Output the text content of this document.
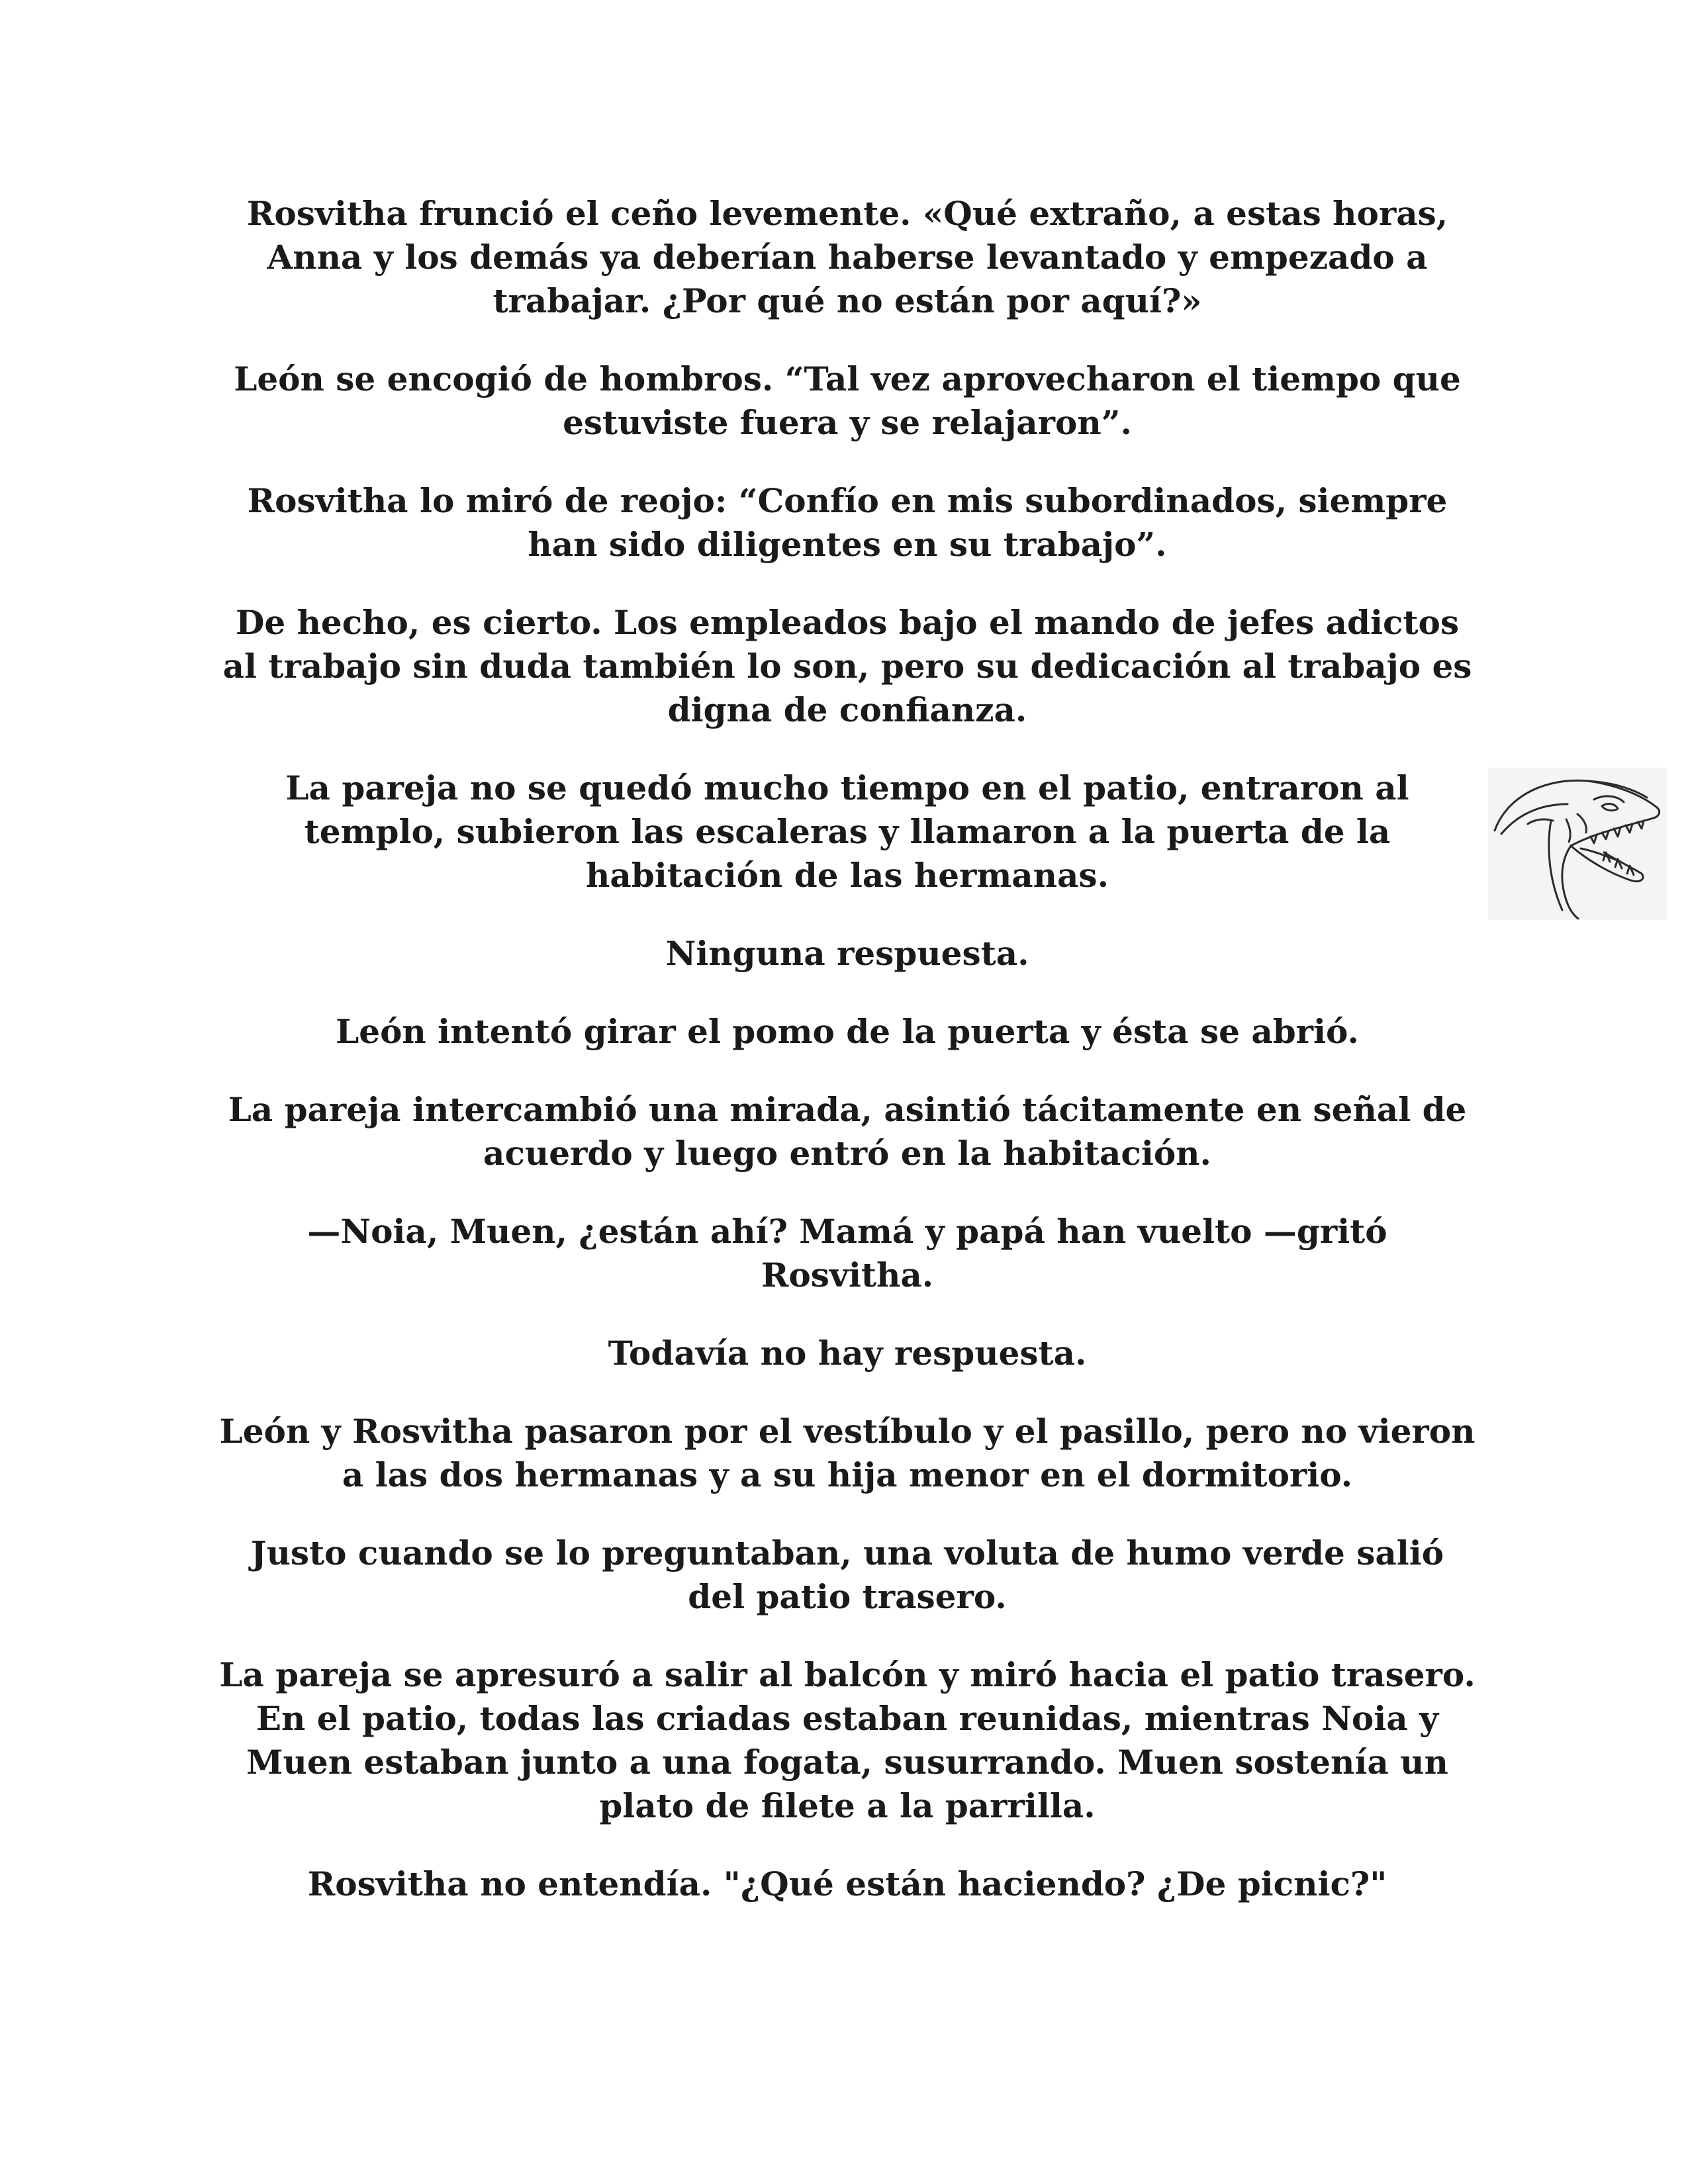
Rosvitha frunció el ceño levemente. «Qué extraño, a estas horas, Anna y los demás ya deberían haberse levantado y empezado a trabajar. ¿Por qué no están por aquí?»

León se encogió de hombros. “Tal vez aprovecharon el tiempo que estuviste fuera y se relajaron”.

Rosvitha lo miró de reojo: “Confío en mis subordinados, siempre han sido diligentes en su trabajo”.

De hecho, es cierto. Los empleados bajo el mando de jefes adictos al trabajo sin duda también lo son, pero su dedicación al trabajo es digna de confianza.

La pareja no se quedó mucho tiempo en el patio, entraron al templo, subieron las escaleras y llamaron a la puerta de la habitación de las hermanas.

Ninguna respuesta.

León intentó girar el pomo de la puerta y ésta se abrió.

La pareja intercambió una mirada, asintió tácitamente en señal de acuerdo y luego entró en la habitación.

—Noia, Muen, ¿están ahí? Mamá y papá han vuelto —gritó Rosvitha.

Todavía no hay respuesta.

León y Rosvitha pasaron por el vestíbulo y el pasillo, pero no vieron a las dos hermanas y a su hija menor en el dormitorio.

Justo cuando se lo preguntaban, una voluta de humo verde salió del patio trasero.

La pareja se apresuró a salir al balcón y miró hacia el patio trasero. En el patio, todas las criadas estaban reunidas, mientras Noia y Muen estaban junto a una fogata, susurrando. Muen sostenía un plato de filete a la parrilla.

Rosvitha no entendía. "¿Qué están haciendo? ¿De picnic?"
